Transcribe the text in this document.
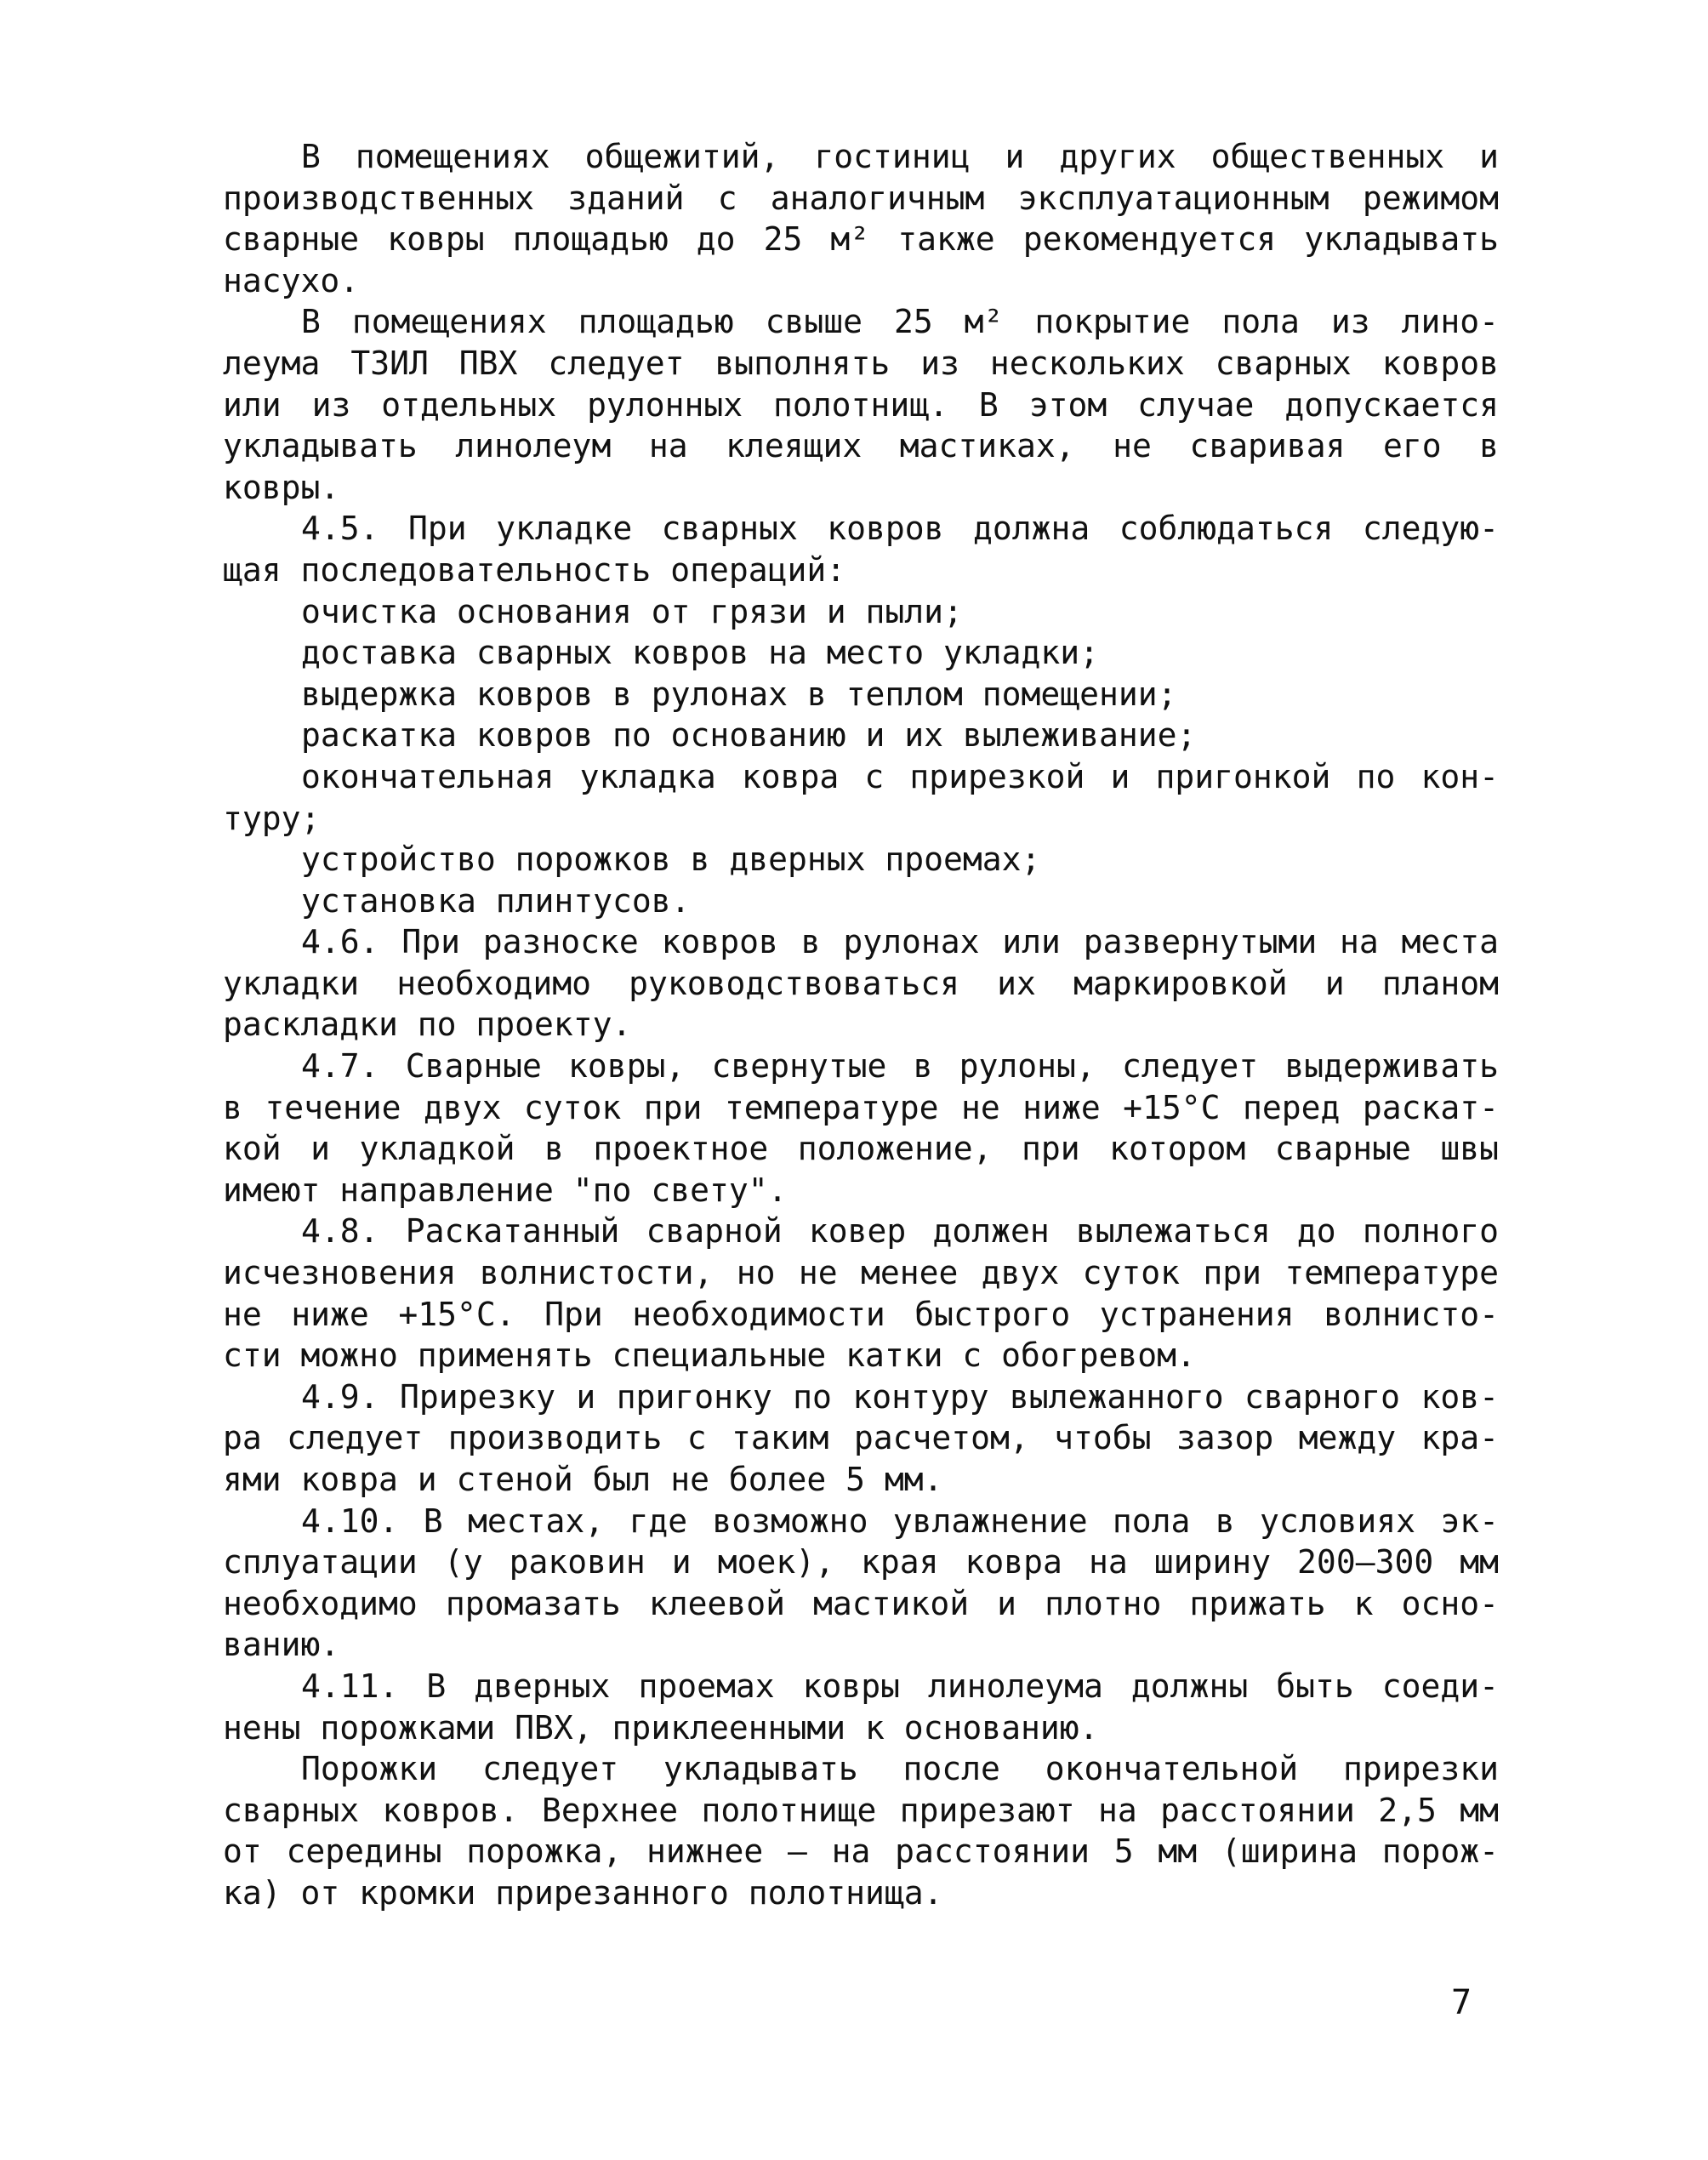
В помещениях общежитий, гостиниц и других общественных и
производственных зданий с аналогичным эксплуатационным режимом
сварные ковры площадью до 25 м² также рекомендуется укладывать
насухо.
В помещениях площадью свыше 25 м² покрытие пола из лино-
леума ТЗИЛ ПВХ следует выполнять из нескольких сварных ковров
или из отдельных рулонных полотнищ. В этом случае допускается
укладывать линолеум на клеящих мастиках, не сваривая его в
ковры.
4.5. При укладке сварных ковров должна соблюдаться следую-
щая последовательность операций:
очистка основания от грязи и пыли;
доставка сварных ковров на место укладки;
выдержка ковров в рулонах в теплом помещении;
раскатка ковров по основанию и их вылеживание;
окончательная укладка ковра с прирезкой и пригонкой по кон-
туру;
устройство порожков в дверных проемах;
установка плинтусов.
4.6. При разноске ковров в рулонах или развернутыми на места
укладки необходимо руководствоваться их маркировкой и планом
раскладки по проекту.
4.7. Сварные ковры, свернутые в рулоны, следует выдерживать
в течение двух суток при температуре не ниже +15°С перед раскат-
кой и укладкой в проектное положение, при котором сварные швы
имеют направление "по свету".
4.8. Раскатанный сварной ковер должен вылежаться до полного
исчезновения волнистости, но не менее двух суток при температуре
не ниже +15°С. При необходимости быстрого устранения волнисто-
сти можно применять специальные катки с обогревом.
4.9. Прирезку и пригонку по контуру вылежанного сварного ков-
ра следует производить с таким расчетом, чтобы зазор между кра-
ями ковра и стеной был не более 5 мм.
4.10. В местах, где возможно увлажнение пола в условиях эк-
сплуатации (у раковин и моек), края ковра на ширину 200–300 мм
необходимо промазать клеевой мастикой и плотно прижать к осно-
ванию.
4.11. В дверных проемах ковры линолеума должны быть соеди-
нены порожками ПВХ, приклеенными к основанию.
Порожки следует укладывать после окончательной прирезки
сварных ковров. Верхнее полотнище прирезают на расстоянии 2,5 мм
от середины порожка, нижнее – на расстоянии 5 мм (ширина порож-
ка) от кромки прирезанного полотнища.
7
